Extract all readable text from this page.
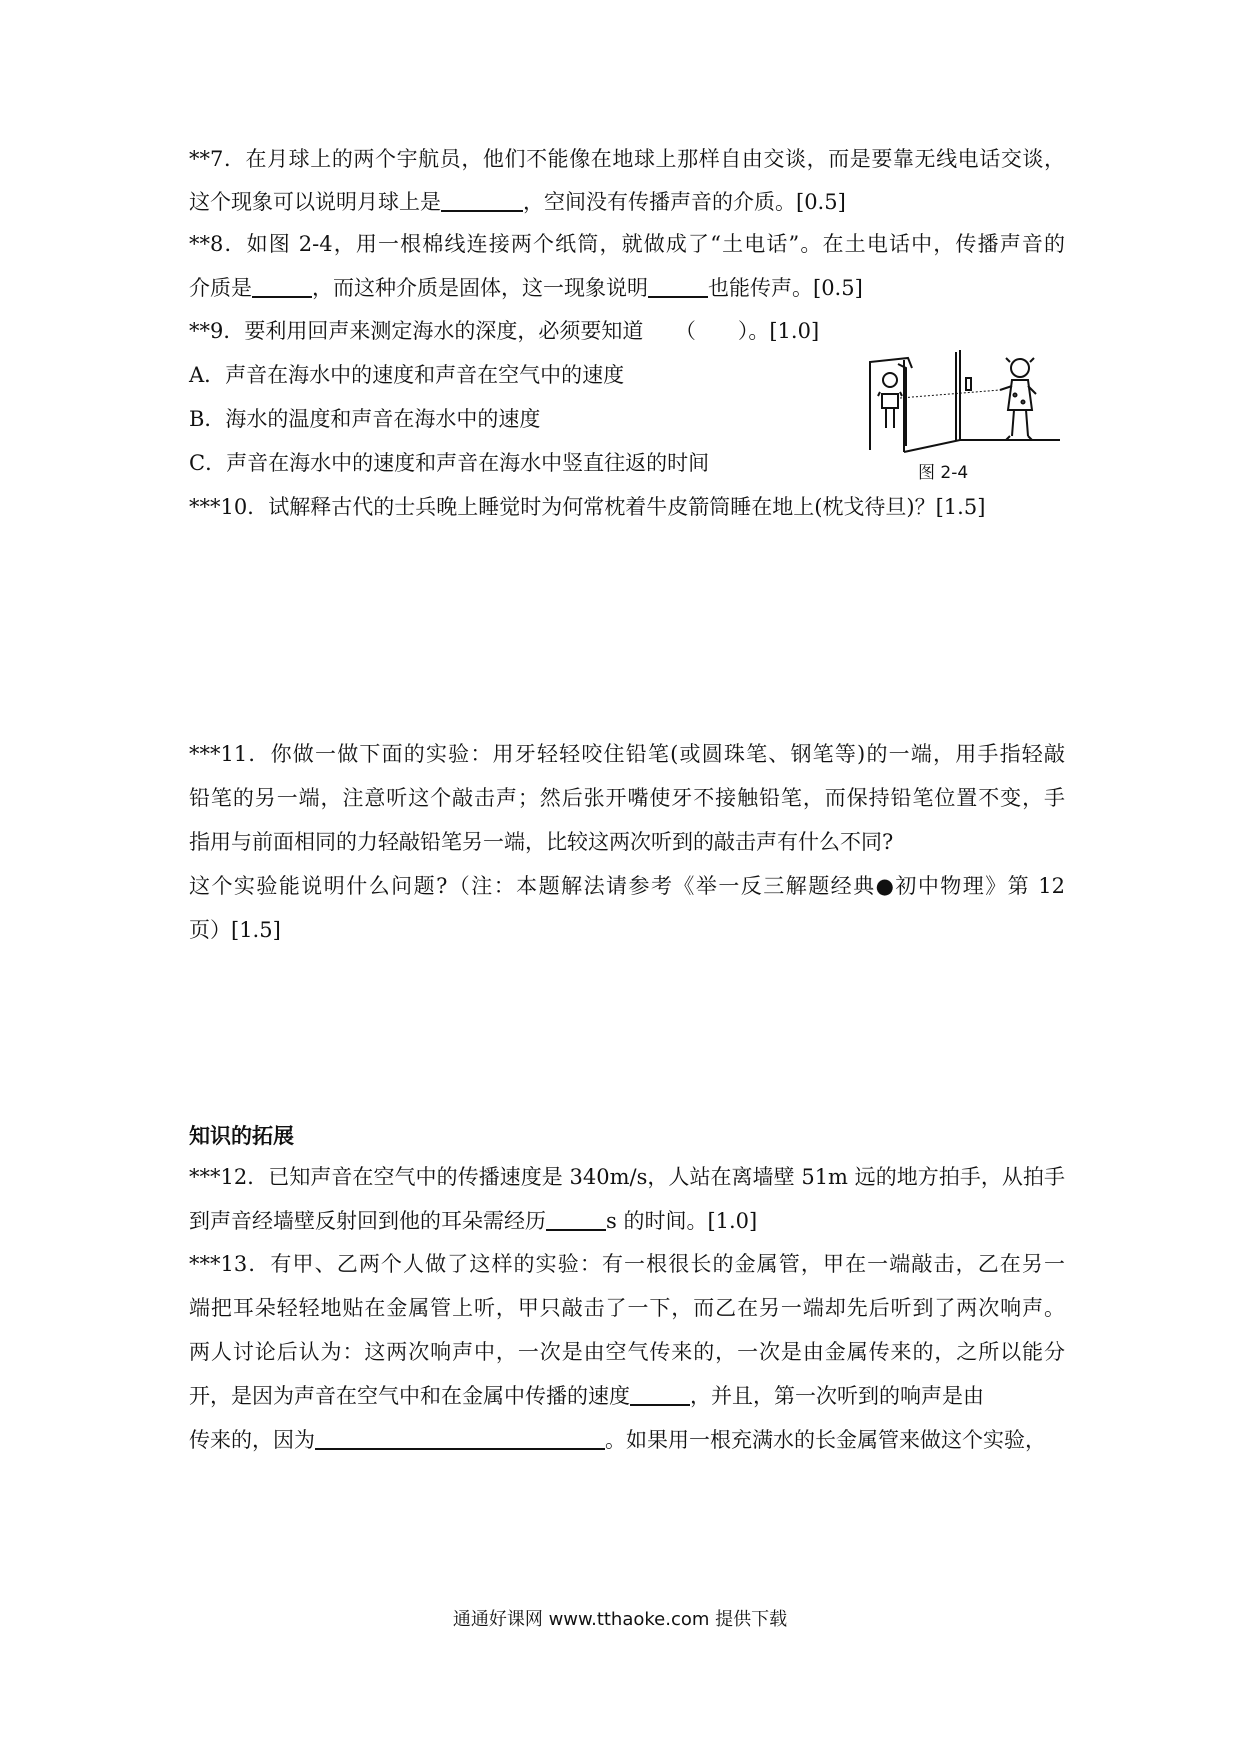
**7．在月球上的两个宇航员，他们不能像在地球上那样自由交谈，而是要靠无线电话交谈，
这个现象可以说明月球上是	，空间没有传播声音的介质。[0.5]
**8．如图 2-4，用一根棉线连接两个纸筒，就做成了“土电话”。在土电话中，传播声音的
介质是	，而这种介质是固体，这一现象说明	也能传声。[0.5]
**9．要利用回声来测定海水的深度，必须要知道　　（　　）。[1.0]
A．声音在海水中的速度和声音在空气中的速度
B．海水的温度和声音在海水中的速度
C．声音在海水中的速度和声音在海水中竖直往返的时间	图 2-4
***10．试解释古代的士兵晚上睡觉时为何常枕着牛皮箭筒睡在地上(枕戈待旦)？[1.5]
***11．你做一做下面的实验：用牙轻轻咬住铅笔(或圆珠笔、钢笔等)的一端，用手指轻敲
铅笔的另一端，注意听这个敲击声；然后张开嘴使牙不接触铅笔，而保持铅笔位置不变，手
指用与前面相同的力轻敲铅笔另一端，比较这两次听到的敲击声有什么不同?
这个实验能说明什么问题?（注：本题解法请参考《举一反三解题经典●初中物理》第 12
页）[1.5]
知识的拓展
***12．已知声音在空气中的传播速度是 340m/s，人站在离墙壁 51m 远的地方拍手，从拍手
到声音经墙壁反射回到他的耳朵需经历	s 的时间。[1.0]
***13．有甲、乙两个人做了这样的实验：有一根很长的金属管，甲在一端敲击，乙在另一
端把耳朵轻轻地贴在金属管上听，甲只敲击了一下，而乙在另一端却先后听到了两次响声。
两人讨论后认为：这两次响声中，一次是由空气传来的，一次是由金属传来的，之所以能分
开，是因为声音在空气中和在金属中传播的速度	，并且，第一次听到的响声是由
传来的，因为	。如果用一根充满水的长金属管来做这个实验，
通通好课网 www.tthaoke.com 提供下载
